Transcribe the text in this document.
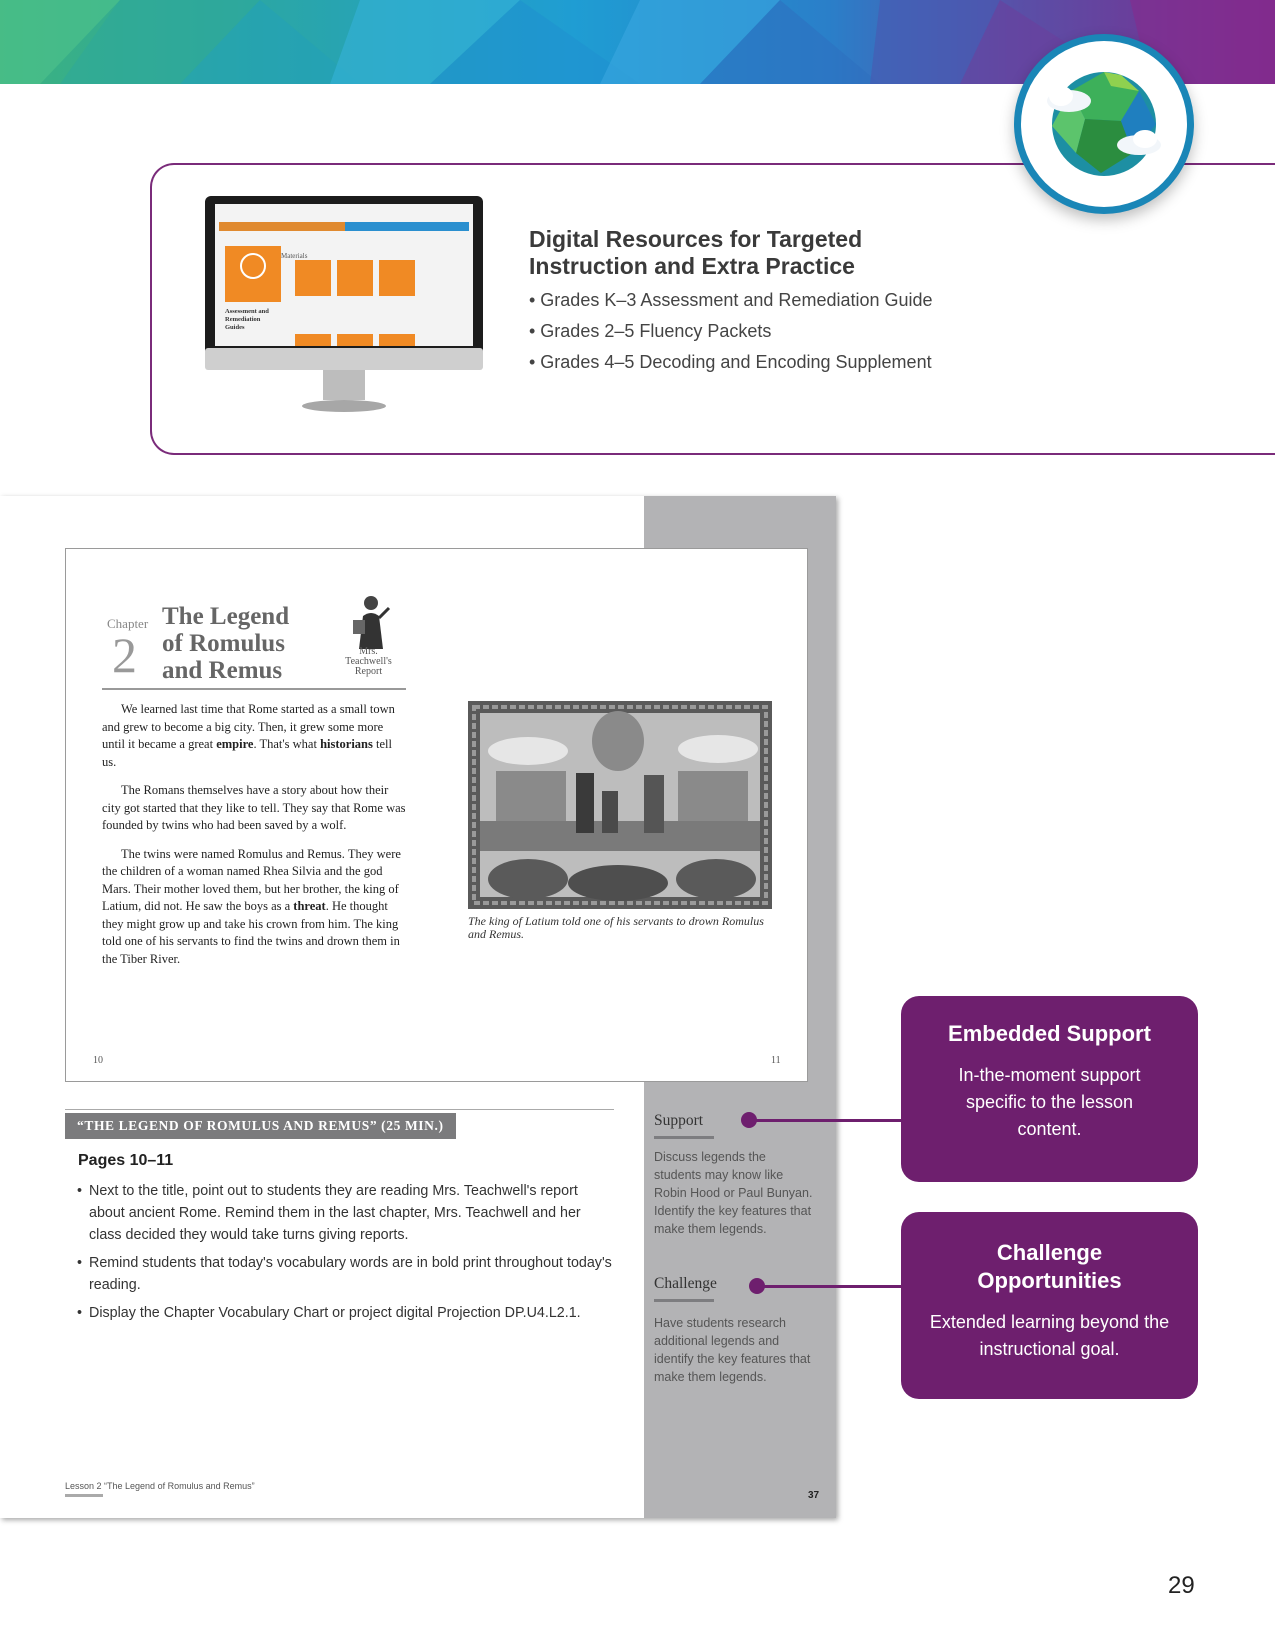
Materials
Assessment and Remediation Guides
Digital Resources for Targeted Instruction and Extra Practice
• Grades K–3 Assessment and Remediation Guide
• Grades 2–5 Fluency Packets
• Grades 4–5 Decoding and Encoding Supplement
Chapter
2
The Legend of Romulus and Remus
Mrs. Teachwell's Report

We learned last time that Rome started as a small town and grew to become a big city. Then, it grew some more until it became a great empire. That's what historians tell us.

The Romans themselves have a story about how their city got started that they like to tell. They say that Rome was founded by twins who had been saved by a wolf.

The twins were named Romulus and Remus. They were the children of a woman named Rhea Silvia and the god Mars. Their mother loved them, but her brother, the king of Latium, did not. He saw the boys as a threat. He thought they might grow up and take his crown from him. The king told one of his servants to find the twins and drown them in the Tiber River.

The king of Latium told one of his servants to drown Romulus and Remus.
10	11
“THE LEGEND OF ROMULUS AND REMUS” (25 MIN.)
Pages 10–11
• Next to the title, point out to students they are reading Mrs. Teachwell's report about ancient Rome. Remind them in the last chapter, Mrs. Teachwell and her class decided they would take turns giving reports.
• Remind students that today's vocabulary words are in bold print throughout today's reading.
• Display the Chapter Vocabulary Chart or project digital Projection DP.U4.L2.1.
Support
Discuss legends the students may know like Robin Hood or Paul Bunyan. Identify the key features that make them legends.
Challenge
Have students research additional legends and identify the key features that make them legends.
Lesson 2 “The Legend of Romulus and Remus”
37
Embedded Support
In-the-moment support specific to the lesson content.
Challenge Opportunities
Extended learning beyond the instructional goal.
29
